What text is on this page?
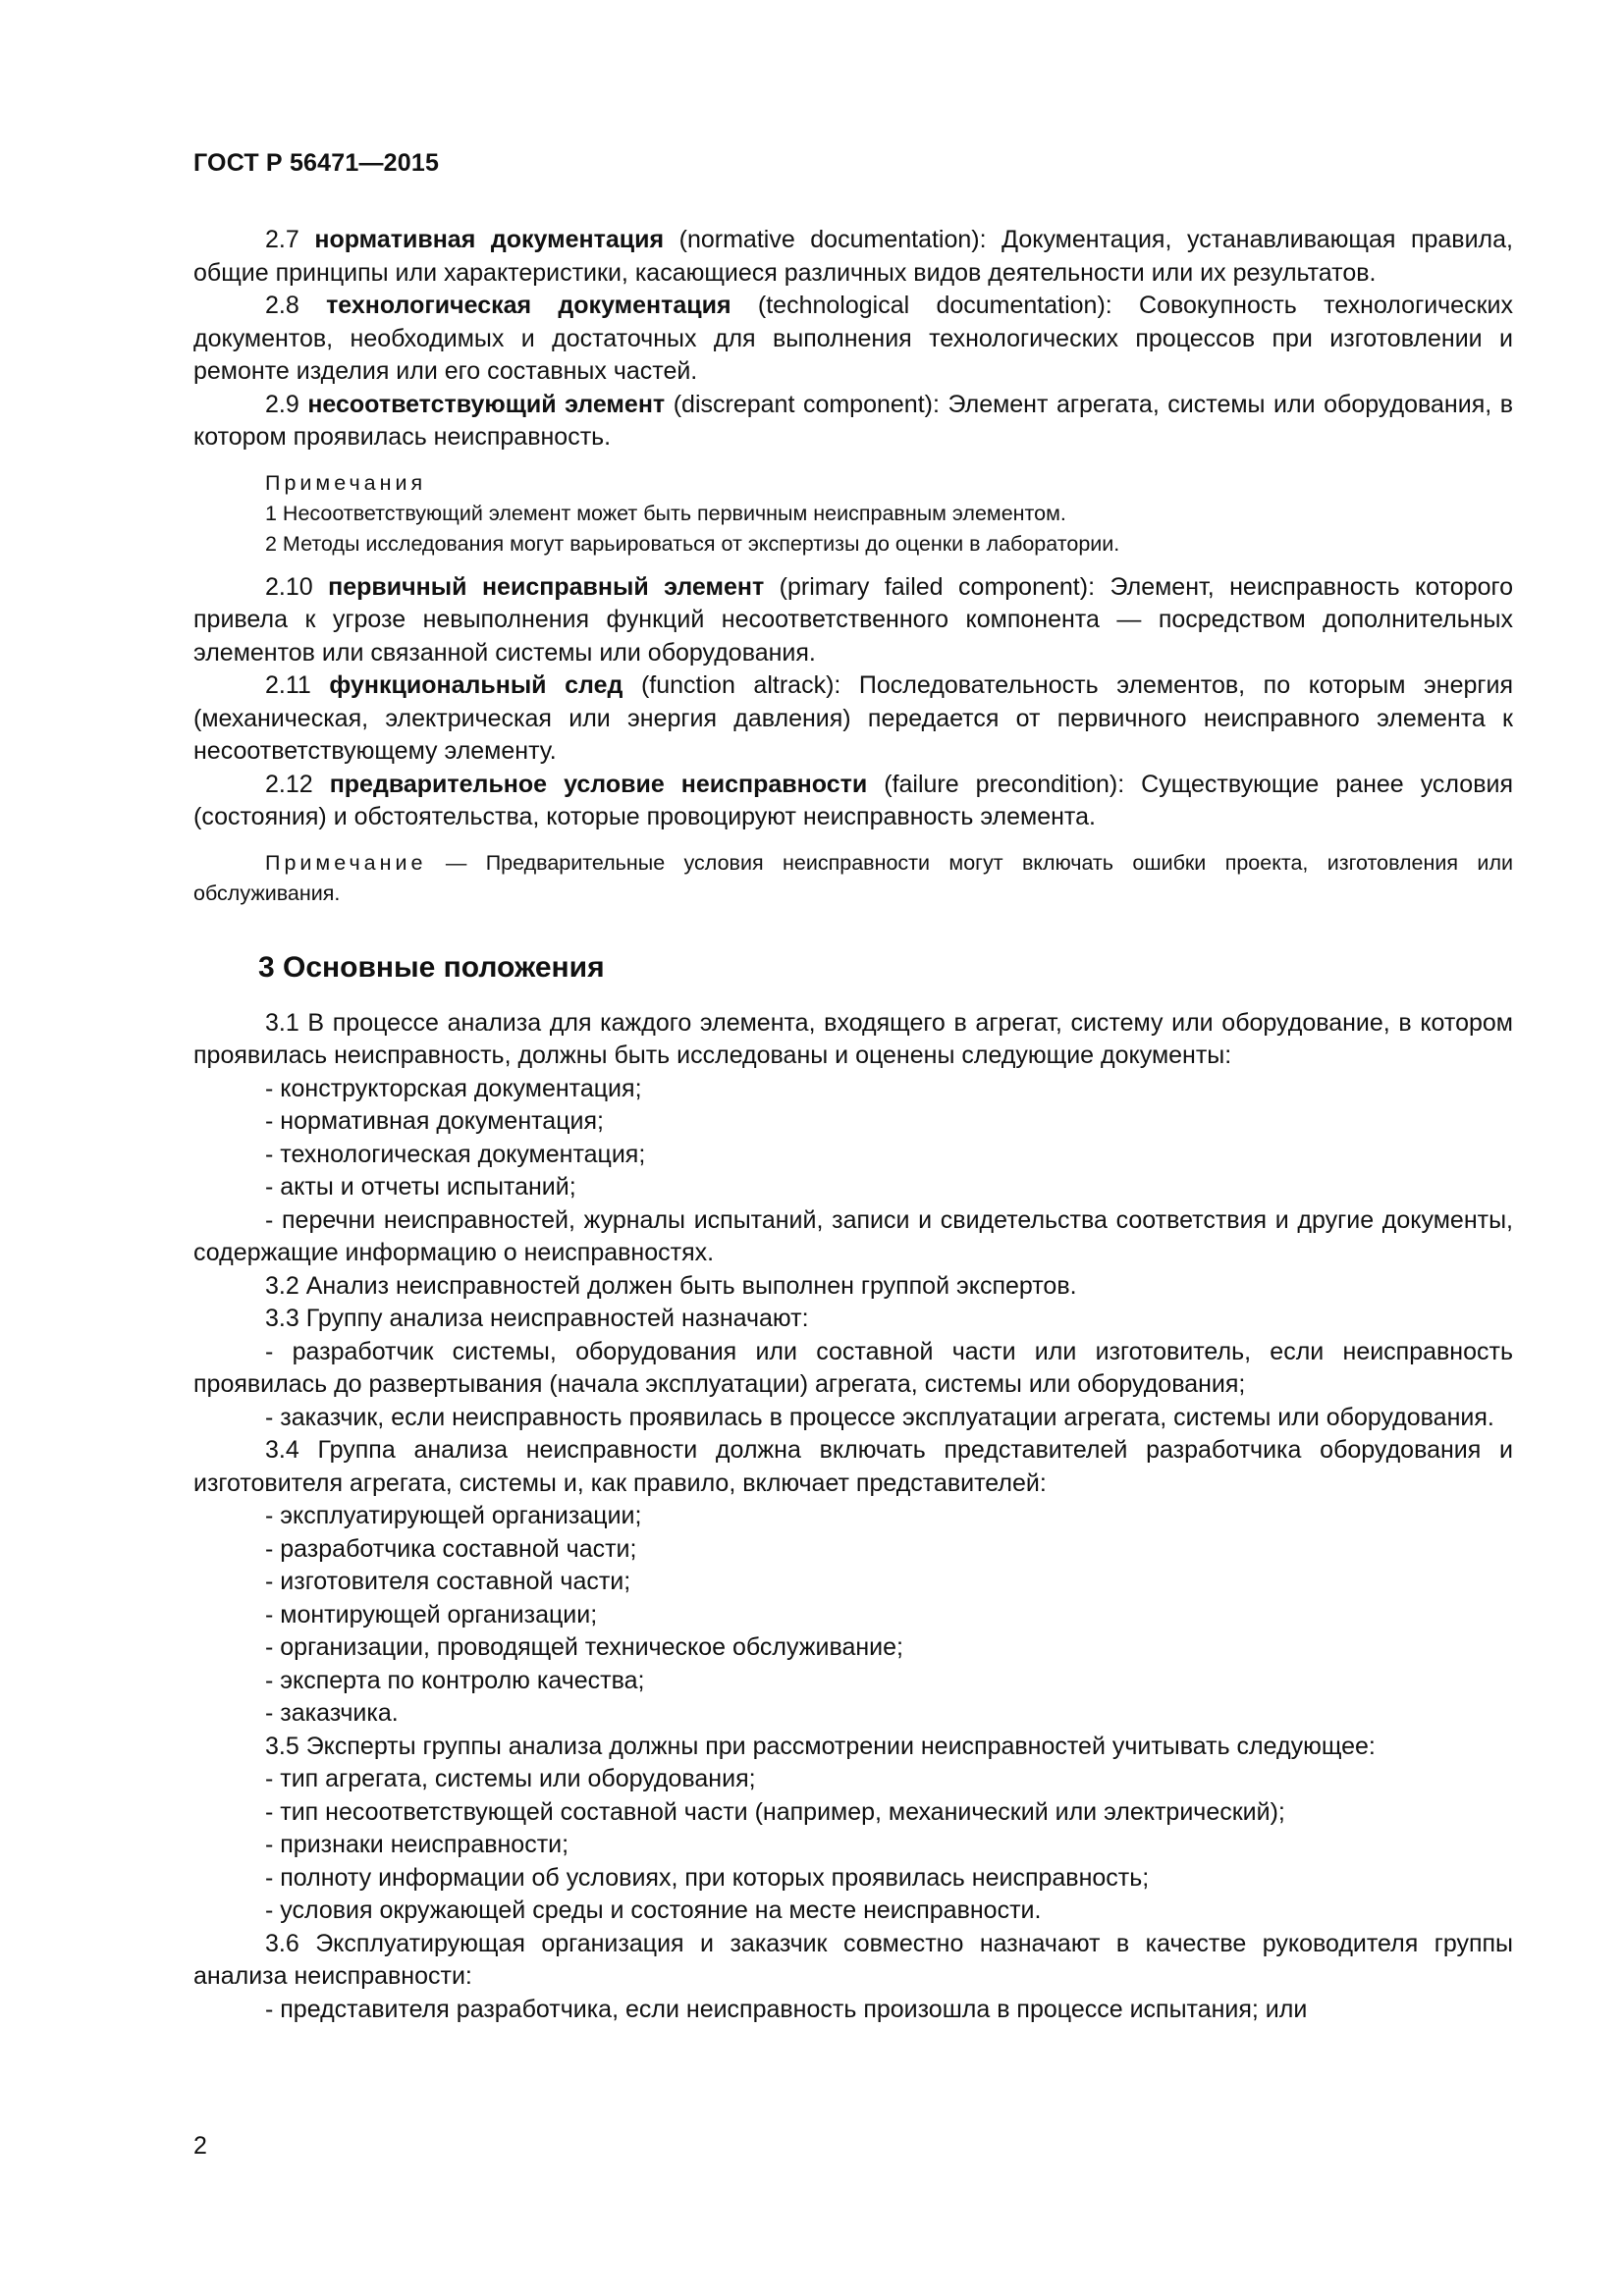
ГОСТ Р 56471—2015

2.7 нормативная документация (normative documentation): Документация, устанавливающая правила, общие принципы или характеристики, касающиеся различных видов деятельности или их результатов.

2.8 технологическая документация (technological documentation): Совокупность технологических документов, необходимых и достаточных для выполнения технологических процессов при изготовлении и ремонте изделия или его составных частей.

2.9 несоответствующий элемент (discrepant component): Элемент агрегата, системы или оборудования, в котором проявилась неисправность.

Примечания

1 Несоответствующий элемент может быть первичным неисправным элементом.

2 Методы исследования могут варьироваться от экспертизы до оценки в лаборатории.

2.10 первичный неисправный элемент (primary failed component): Элемент, неисправность которого привела к угрозе невыполнения функций несоответственного компонента — посредством дополнительных элементов или связанной системы или оборудования.

2.11 функциональный след (function altrack): Последовательность элементов, по которым энергия (механическая, электрическая или энергия давления) передается от первичного неисправного элемента к несоответствующему элементу.

2.12 предварительное условие неисправности (failure precondition): Существующие ранее условия (состояния) и обстоятельства, которые провоцируют неисправность элемента.

Примечание — Предварительные условия неисправности могут включать ошибки проекта, изготовления или обслуживания.

3 Основные положения

3.1 В процессе анализа для каждого элемента, входящего в агрегат, систему или оборудование, в котором проявилась неисправность, должны быть исследованы и оценены следующие документы:

- конструкторская документация;

- нормативная документация;

- технологическая документация;

- акты и отчеты испытаний;

- перечни неисправностей, журналы испытаний, записи и свидетельства соответствия и другие документы, содержащие информацию о неисправностях.

3.2 Анализ неисправностей должен быть выполнен группой экспертов.

3.3 Группу анализа неисправностей назначают:

- разработчик системы, оборудования или составной части или изготовитель, если неисправность проявилась до развертывания (начала эксплуатации) агрегата, системы или оборудования;

- заказчик, если неисправность проявилась в процессе эксплуатации агрегата, системы или оборудования.

3.4 Группа анализа неисправности должна включать представителей разработчика оборудования и изготовителя агрегата, системы и, как правило, включает представителей:

- эксплуатирующей организации;

- разработчика составной части;

- изготовителя составной части;

- монтирующей организации;

- организации, проводящей техническое обслуживание;

- эксперта по контролю качества;

- заказчика.

3.5 Эксперты группы анализа должны при рассмотрении неисправностей учитывать следующее:

- тип агрегата, системы или оборудования;

- тип несоответствующей составной части (например, механический или электрический);

- признаки неисправности;

- полноту информации об условиях, при которых проявилась неисправность;

- условия окружающей среды и состояние на месте неисправности.

3.6 Эксплуатирующая организация и заказчик совместно назначают в качестве руководителя группы анализа неисправности:

- представителя разработчика, если неисправность произошла в процессе испытания; или

2
